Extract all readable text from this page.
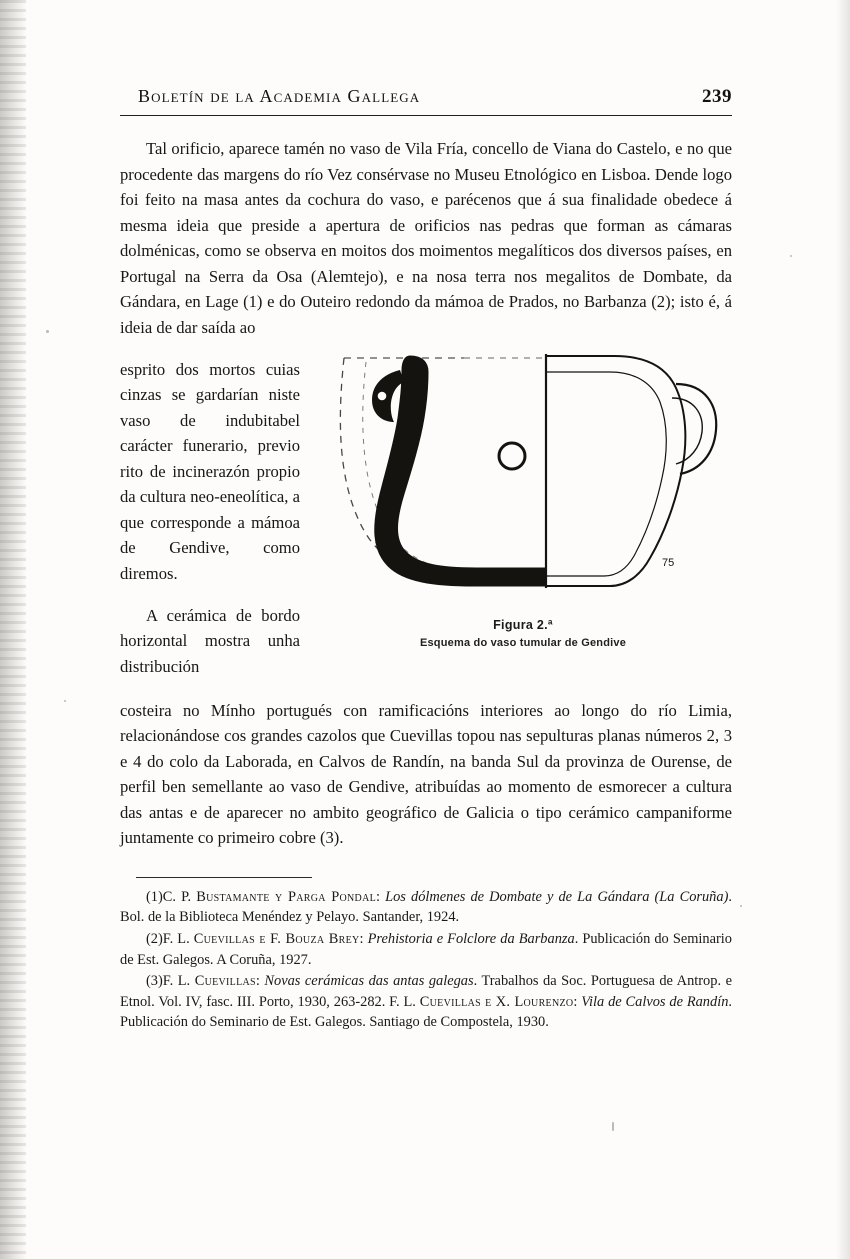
Boletín de la Academia Gallega	239

Tal orificio, aparece tamén no vaso de Vila Fría, concello de Viana do Castelo, e no que procedente das margens do río Vez consérvase no Museu Etnológico en Lisboa. Dende logo foi feito na masa antes da cochura do vaso, e parécenos que á sua finalidade obedece á mesma ideia que preside a apertura de orificios nas pedras que forman as cámaras dolménicas, como se observa en moitos dos moimentos megalíticos dos diversos países, en Portugal na Serra da Osa (Alemtejo), e na nosa terra nos megalitos de Dombate, da Gándara, en Lage (1) e do Outeiro redondo da mámoa de Prados, no Barbanza (2); isto é, á ideia de dar saída ao

75
Figura 2.ª
Esquema do vaso tumular de Gendive

esprito dos mortos cuias cinzas se gardarían niste vaso de indubitabel carácter funerario, previo rito de incinerazón propio da cultura neo-eneolítica, a que corresponde a mámoa de Gendive, como diremos.

A cerámica de bordo horizontal mostra unha distribución

costeira no Mínho portugués con ramificacións interiores ao longo do río Limia, relacionándose cos grandes cazolos que Cuevillas topou nas sepulturas planas números 2, 3 e 4 do colo da Laborada, en Calvos de Randín, na banda Sul da provinza de Ourense, de perfil ben semellante ao vaso de Gendive, atribuídas ao momento de esmorecer a cultura das antas e de aparecer no ambito geográfico de Galicia o tipo cerámico campaniforme juntamente co primeiro cobre (3).

(1)C. P. Bustamante y Parga Pondal: Los dólmenes de Dombate y de La Gándara (La Coruña). Bol. de la Biblioteca Menéndez y Pelayo. Santander, 1924.

(2)F. L. Cuevillas e F. Bouza Brey: Prehistoria e Folclore da Barbanza. Publicación do Seminario de Est. Galegos. A Coruña, 1927.

(3)F. L. Cuevillas: Novas cerámicas das antas galegas. Trabalhos da Soc. Portuguesa de Antrop. e Etnol. Vol. IV, fasc. III. Porto, 1930, 263-282. F. L. Cuevillas e X. Lourenzo: Vila de Calvos de Randín. Publicación do Seminario de Est. Galegos. Santiago de Compostela, 1930.
